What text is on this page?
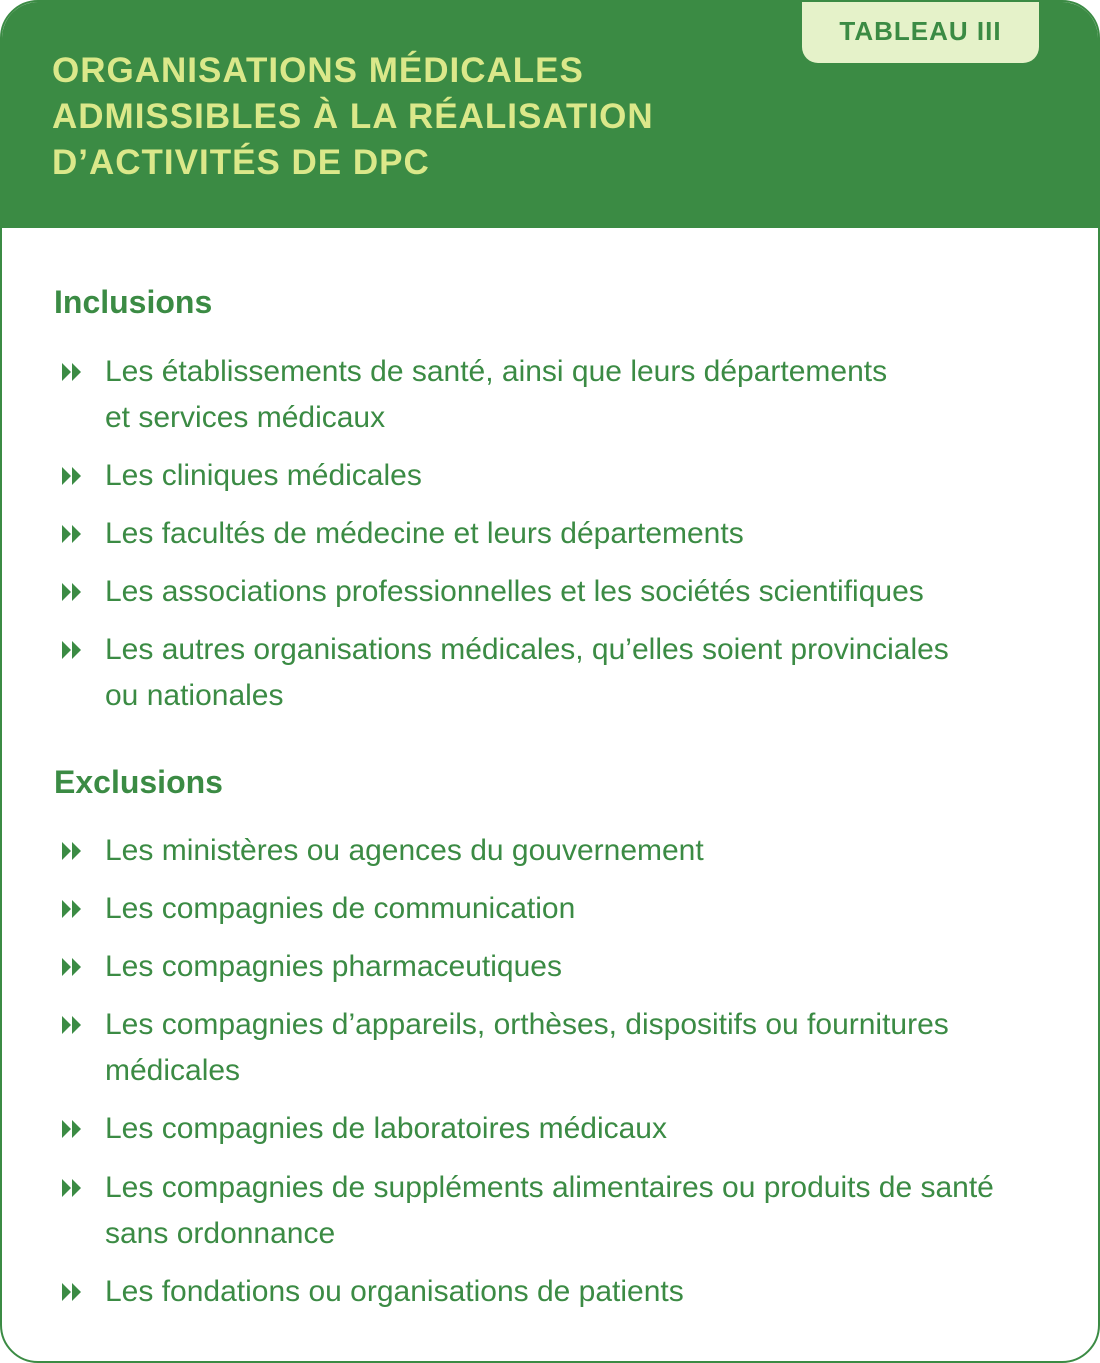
ORGANISATIONS MÉDICALES
ADMISSIBLES À LA RÉALISATION
D’ACTIVITÉS DE DPC
TABLEAU III
Inclusions
Les établissements de santé, ainsi que leurs départements
et services médicaux
Les cliniques médicales
Les facultés de médecine et leurs départements
Les associations professionnelles et les sociétés scientifiques
Les autres organisations médicales, qu’elles soient provinciales
ou nationales
Exclusions
Les ministères ou agences du gouvernement
Les compagnies de communication
Les compagnies pharmaceutiques
Les compagnies d’appareils, orthèses, dispositifs ou fournitures
médicales
Les compagnies de laboratoires médicaux
Les compagnies de suppléments alimentaires ou produits de santé
sans ordonnance
Les fondations ou organisations de patients
